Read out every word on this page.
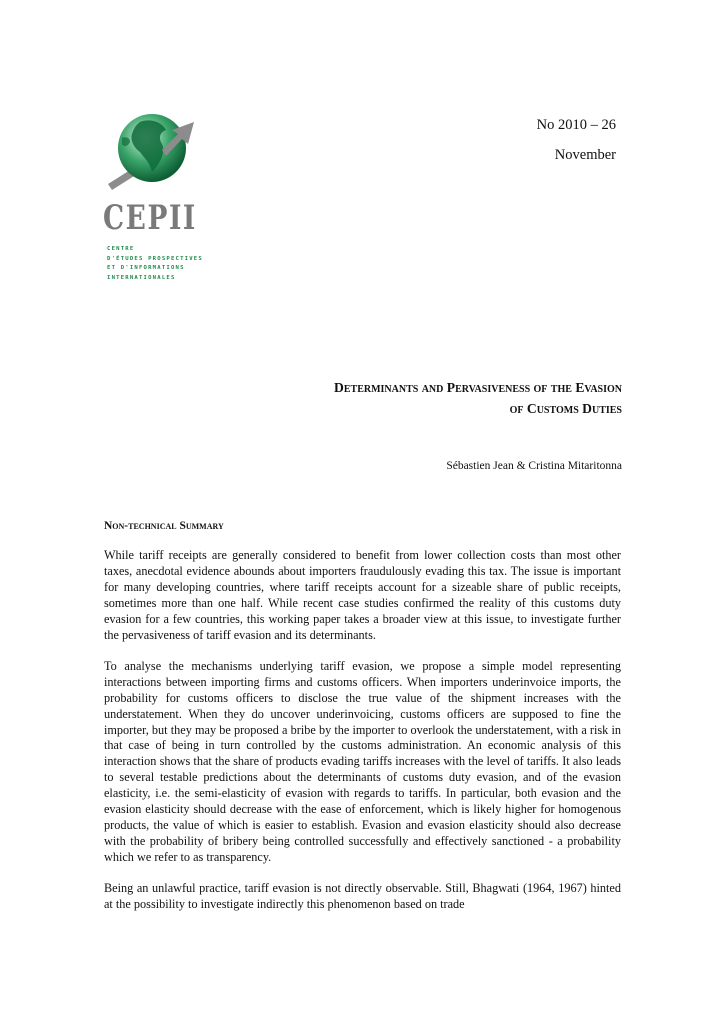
CEPII
CENTRE
D'ÉTUDES PROSPECTIVES
ET D'INFORMATIONS
INTERNATIONALES
No 2010 – 26
November
Determinants and Pervasiveness of the Evasion
of Customs Duties
Sébastien Jean & Cristina Mitaritonna
Non-technical Summary

While tariff receipts are generally considered to benefit from lower collection costs than most other taxes, anecdotal evidence abounds about importers fraudulously evading this tax. The issue is important for many developing countries, where tariff receipts account for a sizeable share of public receipts, sometimes more than one half. While recent case studies confirmed the reality of this customs duty evasion for a few countries, this working paper takes a broader view at this issue, to investigate further the pervasiveness of tariff evasion and its determinants.

To analyse the mechanisms underlying tariff evasion, we propose a simple model representing interactions between importing firms and customs officers. When importers underinvoice imports, the probability for customs officers to disclose the true value of the shipment increases with the understatement. When they do uncover underinvoicing, customs officers are supposed to fine the importer, but they may be proposed a bribe by the importer to overlook the understatement, with a risk in that case of being in turn controlled by the customs administration. An economic analysis of this interaction shows that the share of products evading tariffs increases with the level of tariffs. It also leads to several testable predictions about the determinants of customs duty evasion, and of the evasion elasticity, i.e. the semi-elasticity of evasion with regards to tariffs. In particular, both evasion and the evasion elasticity should decrease with the ease of enforcement, which is likely higher for homogenous products, the value of which is easier to establish. Evasion and evasion elasticity should also decrease with the probability of bribery being controlled successfully and effectively sanctioned - a probability which we refer to as transparency.

Being an unlawful practice, tariff evasion is not directly observable. Still, Bhagwati (1964, 1967) hinted at the possibility to investigate indirectly this phenomenon based on trade
